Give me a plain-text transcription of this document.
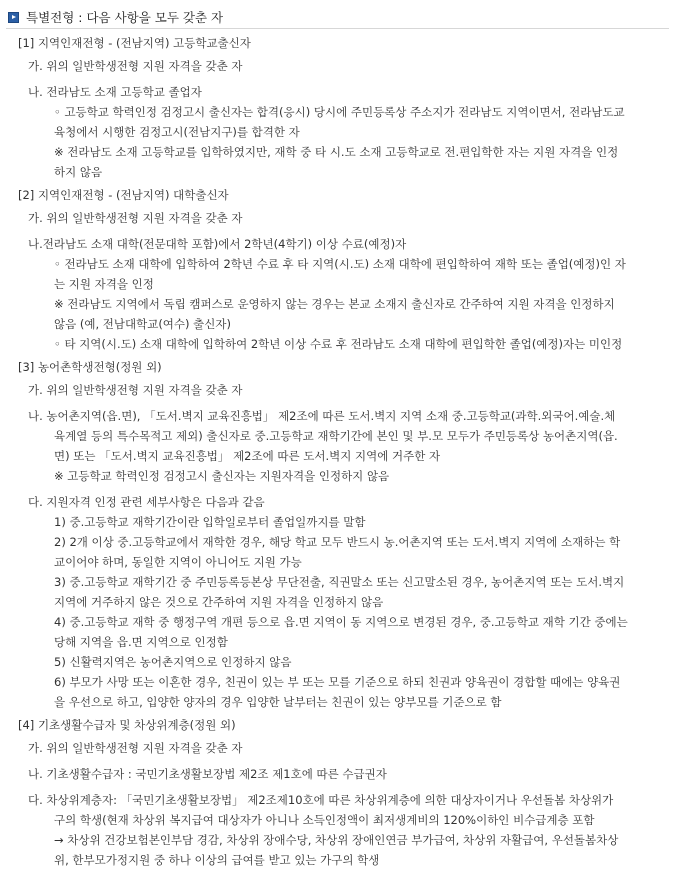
특별전형 : 다음 사항을 모두 갖춘 자
[1] 지역인재전형 - (전남지역) 고등학교출신자
가. 위의 일반학생전형 지원 자격을 갖춘 자
나. 전라남도 소재 고등학교 졸업자
◦ 고등학교 학력인정 검정고시 출신자는 합격(응시) 당시에 주민등록상 주소지가 전라남도 지역이면서, 전라남도교
육청에서 시행한 검정고시(전남지구)를 합격한 자
※ 전라남도 소재 고등학교를 입학하였지만, 재학 중 타 시.도 소재 고등학교로 전.편입학한 자는 지원 자격을 인정
하지 않음
[2] 지역인재전형 - (전남지역) 대학출신자
가. 위의 일반학생전형 지원 자격을 갖춘 자
나.전라남도 소재 대학(전문대학 포함)에서 2학년(4학기) 이상 수료(예정)자
◦ 전라남도 소재 대학에 입학하여 2학년 수료 후 타 지역(시.도) 소재 대학에 편입학하여 재학 또는 졸업(예정)인 자
는 지원 자격을 인정
※ 전라남도 지역에서 독립 캠퍼스로 운영하지 않는 경우는 본교 소재지 출신자로 간주하여 지원 자격을 인정하지
않음 (예, 전남대학교(여수) 출신자)
◦ 타 지역(시.도) 소재 대학에 입학하여 2학년 이상 수료 후 전라남도 소재 대학에 편입학한 졸업(예정)자는 미인정
[3] 농어촌학생전형(정원 외)
가. 위의 일반학생전형 지원 자격을 갖춘 자
나. 농어촌지역(읍.면), 「도서.벽지 교육진흥법」 제2조에 따른 도서.벽지 지역 소재 중.고등학교(과학.외국어.예술.체
육계열 등의 특수목적고 제외) 출신자로 중.고등학교 재학기간에 본인 및 부.모 모두가 주민등록상 농어촌지역(읍.
면) 또는 「도서.벽지 교육진흥법」 제2조에 따른 도서.벽지 지역에 거주한 자
※ 고등학교 학력인정 검정고시 출신자는 지원자격을 인정하지 않음
다. 지원자격 인정 관련 세부사항은 다음과 같음
1) 중.고등학교 재학기간이란 입학일로부터 졸업일까지를 말함
2) 2개 이상 중.고등학교에서 재학한 경우, 해당 학교 모두 반드시 농.어촌지역 또는 도서.벽지 지역에 소재하는 학
교이어야 하며, 동일한 지역이 아니어도 지원 가능
3) 중.고등학교 재학기간 중 주민등록등본상 무단전출, 직권말소 또는 신고말소된 경우, 농어촌지역 또는 도서.벽지
지역에 거주하지 않은 것으로 간주하여 지원 자격을 인정하지 않음
4) 중.고등학교 재학 중 행정구역 개편 등으로 읍.면 지역이 동 지역으로 변경된 경우, 중.고등학교 재학 기간 중에는
당해 지역을 읍.면 지역으로 인정함
5) 신활력지역은 농어촌지역으로 인정하지 않음
6) 부모가 사망 또는 이혼한 경우, 친권이 있는 부 또는 모를 기준으로 하되 친권과 양육권이 경합할 때에는 양육권
을 우선으로 하고, 입양한 양자의 경우 입양한 날부터는 친권이 있는 양부모를 기준으로 함
[4] 기초생활수급자 및 차상위계층(정원 외)
가. 위의 일반학생전형 지원 자격을 갖춘 자
나. 기초생활수급자 : 국민기초생활보장법 제2조 제1호에 따른 수급권자
다. 차상위계층자: 「국민기초생활보장법」 제2조제10호에 따른 차상위계층에 의한 대상자이거나 우선돌봄 차상위가
구의 학생(현재 차상위 복지급여 대상자가 아니나 소득인정액이 최저생계비의 120%이하인 비수급계층 포함
→ 차상위 건강보험본인부담 경감, 차상위 장애수당, 차상위 장애인연금 부가급여, 차상위 자활급여, 우선돌봄차상
위, 한부모가정지원 중 하나 이상의 급여를 받고 있는 가구의 학생
